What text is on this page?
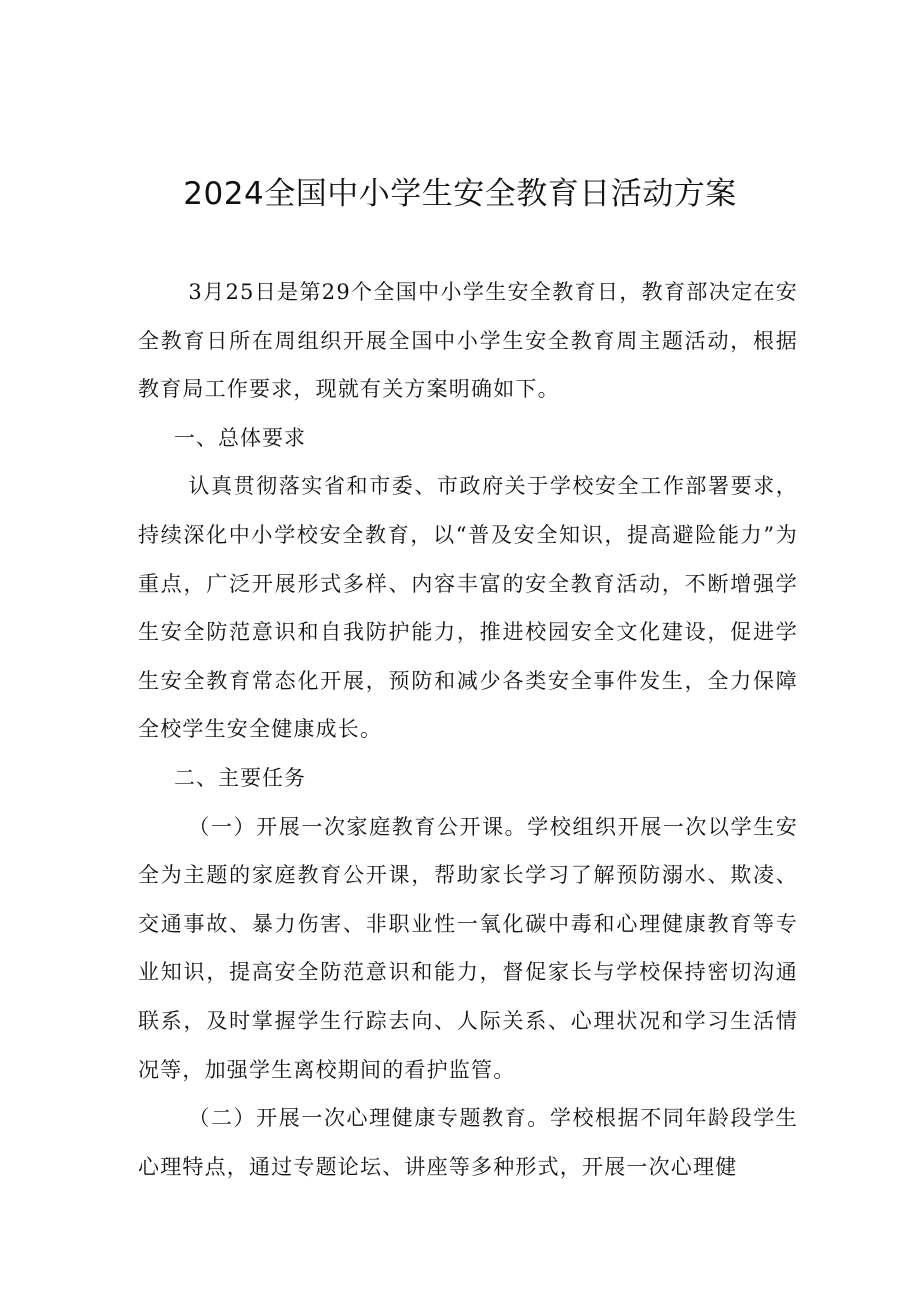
2024全国中小学生安全教育日活动方案

3月25日是第29个全国中小学生安全教育日，教育部决定在安全教育日所在周组织开展全国中小学生安全教育周主题活动，根据教育局工作要求，现就有关方案明确如下。

一、总体要求

认真贯彻落实省和市委、市政府关于学校安全工作部署要求，持续深化中小学校安全教育，以“普及安全知识，提高避险能力”为重点，广泛开展形式多样、内容丰富的安全教育活动，不断增强学生安全防范意识和自我防护能力，推进校园安全文化建设，促进学生安全教育常态化开展，预防和减少各类安全事件发生，全力保障全校学生安全健康成长。

二、主要任务

（一）开展一次家庭教育公开课。学校组织开展一次以学生安全为主题的家庭教育公开课，帮助家长学习了解预防溺水、欺凌、交通事故、暴力伤害、非职业性一氧化碳中毒和心理健康教育等专业知识，提高安全防范意识和能力，督促家长与学校保持密切沟通联系，及时掌握学生行踪去向、人际关系、心理状况和学习生活情况等，加强学生离校期间的看护监管。

（二）开展一次心理健康专题教育。学校根据不同年龄段学生心理特点，通过专题论坛、讲座等多种形式，开展一次心理健
